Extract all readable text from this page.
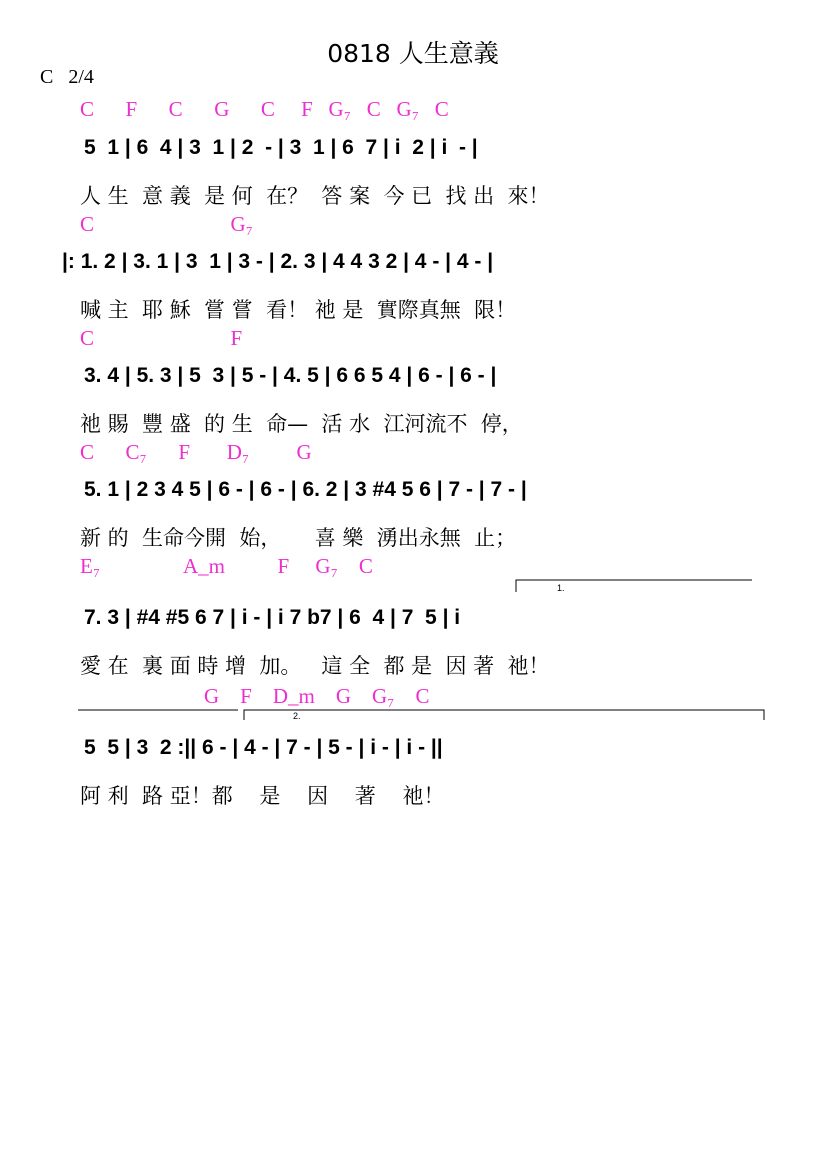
0818 人生意義
C   2/4
C      F      C      G      C     F   G₇   C   G₇   C
5  1 | 6  4 | 3  1 | 2  - | 3  1 | 6  7 | i  2 | i  - |
人 生  意 義  是 何  在？  答 案  今 已  找 出  來！
C                          G₇
|: 1. 2 | 3. 1 | 3  1 | 3 - | 2. 3 | 4 4 3 2 | 4 - | 4 - |
喊 主  耶 穌  嘗 嘗  看！ 祂 是  實際真無  限！
C                          F
3. 4 | 5. 3 | 5  3 | 5 - | 4. 5 | 6 6 5 4 | 6 - | 6 - |
祂 賜  豐 盛  的 生  命—  活 水  江河流不  停，
C      C₇      F       D₇         G
5. 1 | 2 3 4 5 | 6 - | 6 - | 6. 2 | 3 #4 5 6 | 7 - | 7 - |
新 的  生命今開  始，     喜 樂  湧出永無  止；
E₇                A_m          F     G₇    C
7. 3 | #4 #5 6 7 | i - | i 7 b7 | 6  4 | 7  5 | i
愛 在  裏 面 時 增  加。   這 全  都 是  因 著  祂！
G    F    D_m    G    G₇    C
5  5 | 3  2 :|| 6 - | 4 - | 7 - | 5 - | i - | i - ||
阿 利  路 亞！都    是    因    著    祂！
1.
2.
